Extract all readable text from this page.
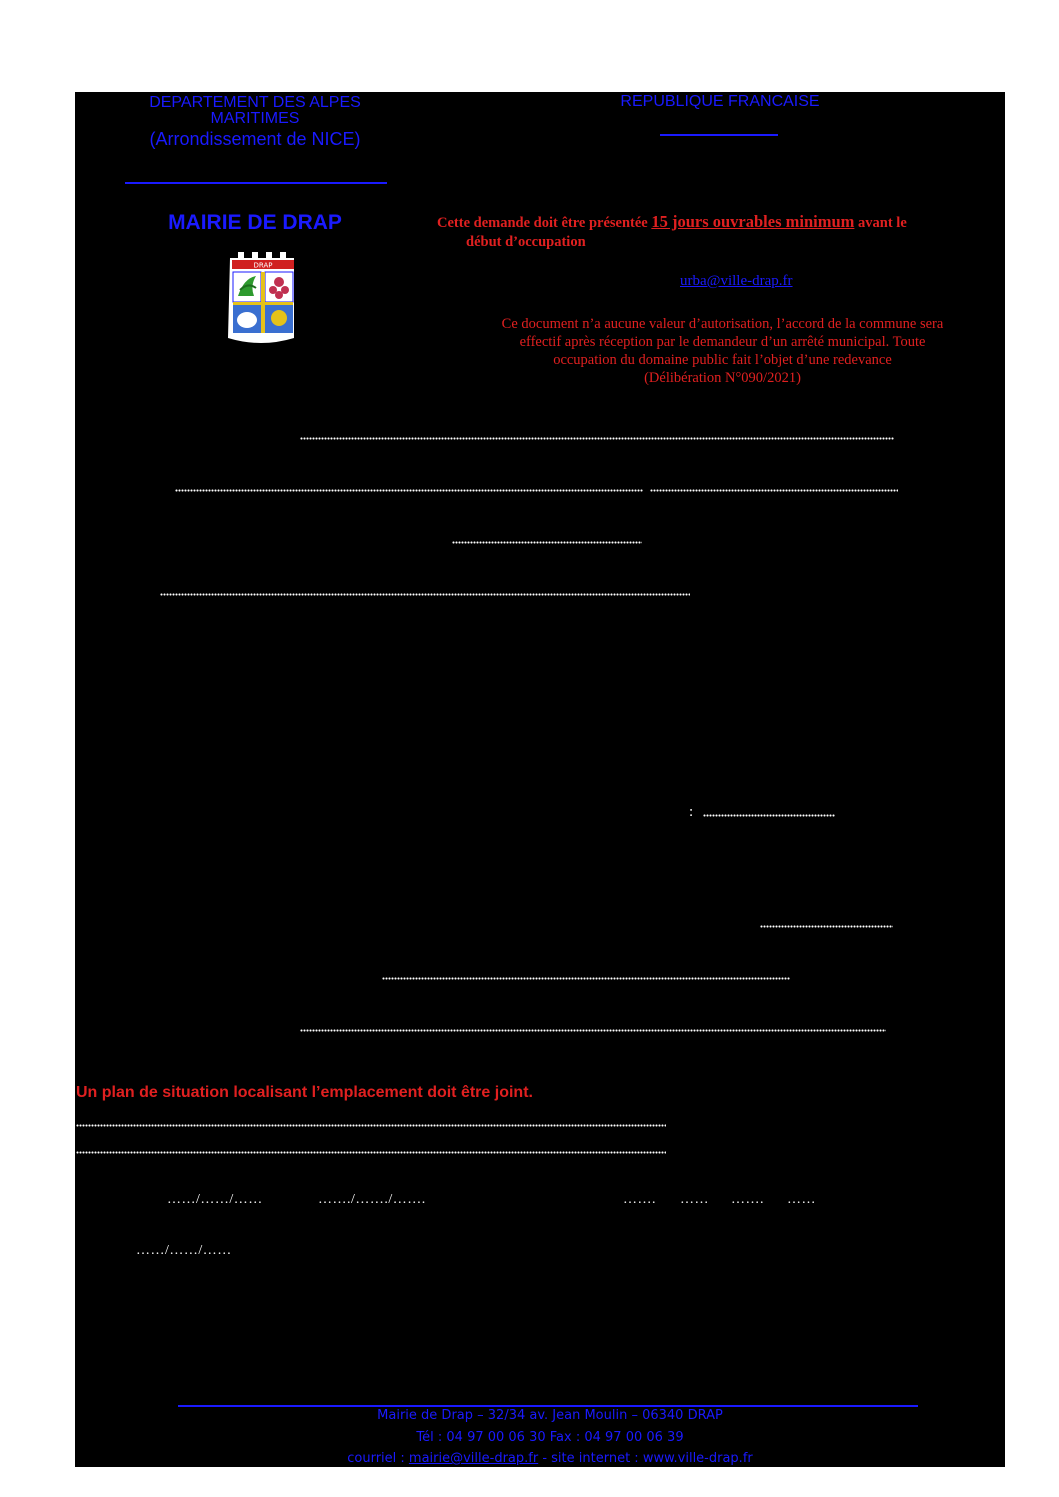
DEPARTEMENT DES ALPES
MARITIMES
(Arrondissement de NICE)
REPUBLIQUE FRANCAISE
MAIRIE DE DRAP
DRAP
Cette demande doit être présentée 15 jours ouvrables minimum avant le
début d’occupation
urba@ville-drap.fr
Ce document n’a aucune valeur d’autorisation, l’accord de la commune sera
effectif après réception par le demandeur d’un arrêté municipal. Toute
occupation du domaine public fait l’objet d’une redevance
(Délibération N°090/2021)
:
Un plan de situation localisant l’emplacement doit être joint.
……/……/……	……./……./…….	……. …… ……. ……
……/……/……
Mairie de Drap – 32/34 av. Jean Moulin – 06340 DRAP
Tél : 04 97 00 06 30 Fax : 04 97 00 06 39
courriel : mairie@ville-drap.fr - site internet : www.ville-drap.fr
